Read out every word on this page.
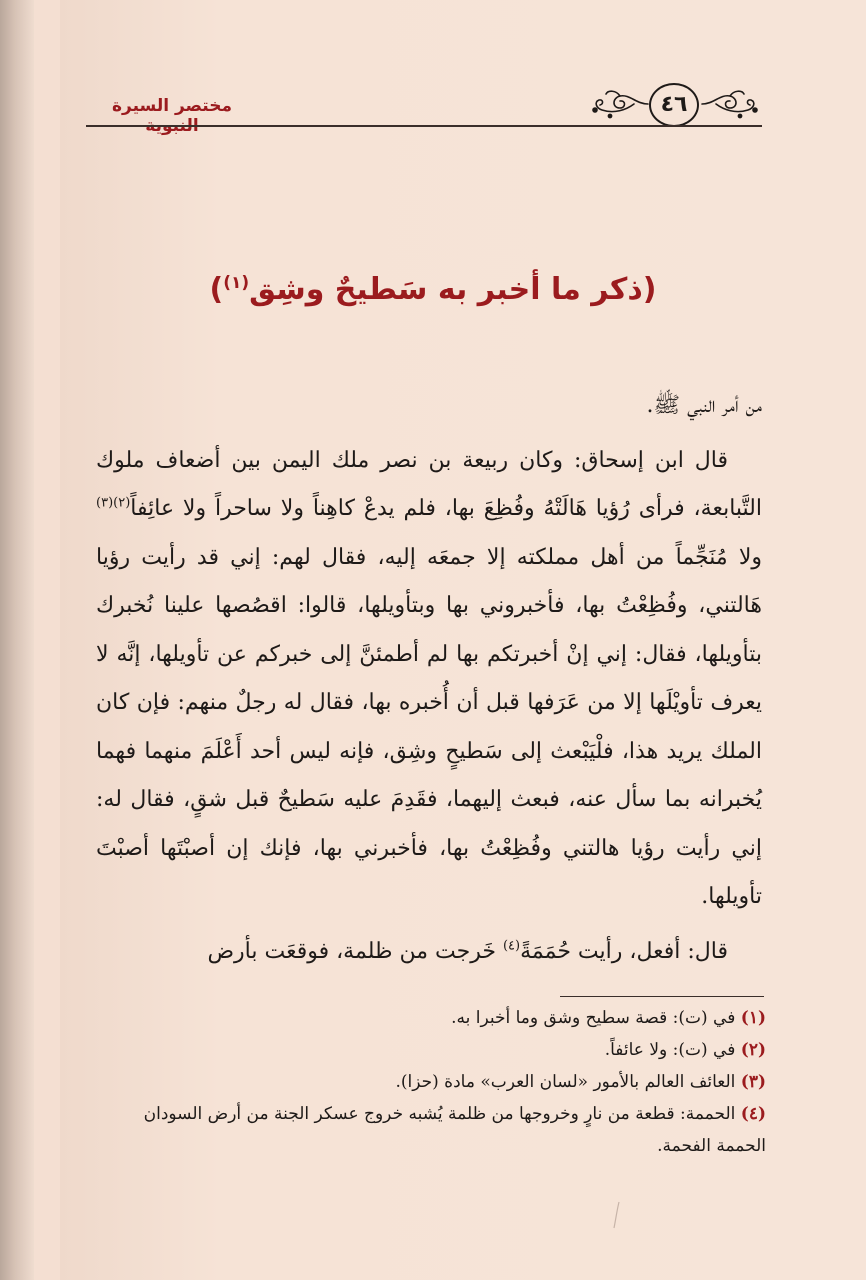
مختصر السيرة النبوية
٤٦
(ذكر ما أخبر به سَطيحٌ وشِق$^{(١)}$)

من أمر النبي ﷺ.

قال ابن إسحاق: وكان ربيعة بن نصر ملك اليمن بين أضعاف ملوك التَّبابعة، فرأى رُؤيا هَالَتْهُ وفُظِعَ بها، فلم يدعْ كاهِناً ولا ساحراً ولا عائِفاً$^{(٢)(٣)}$ ولا مُنَجِّماً من أهل مملكته إلا جمعَه إليه، فقال لهم: إني قد رأيت رؤيا هَالتني، وفُظِعْتُ بها، فأخبروني بها وبتأويلها، قالوا: اقصُصها علينا نُخبرك بتأويلها، فقال: إني إنْ أخبرتكم بها لم أطمئنَّ إلى خبركم عن تأويلها، إنَّه لا يعرف تأويْلَها إلا من عَرَفها قبل أن أُخبره بها، فقال له رجلٌ منهم: فإن كان الملك يريد هذا، فلْيَبْعث إلى سَطيحٍ وشِق، فإنه ليس أحد أَعْلَمَ منهما فهما يُخبرانه بما سأل عنه، فبعث إليهما، فقَدِمَ عليه سَطيحٌ قبل شقٍ، فقال له: إني رأيت رؤيا هالتني وفُظِعْتُ بها، فأخبرني بها، فإنك إن أصبْتَها أصبْتَ تأويلها.

قال: أفعل، رأيت حُمَمَةً$^{(٤)}$ خَرجت من ظلمة، فوقعَت بأرض

(١) في (ت): قصة سطيح وشق وما أخبرا به.

(٢) في (ت): ولا عائفاً.

(٣) العائف العالم بالأمور «لسان العرب» مادة (حزا).

(٤) الحممة: قطعة من نارٍ وخروجها من ظلمة يُشبه خروج عسكر الجنة من أرض السودان الحممة الفحمة.
